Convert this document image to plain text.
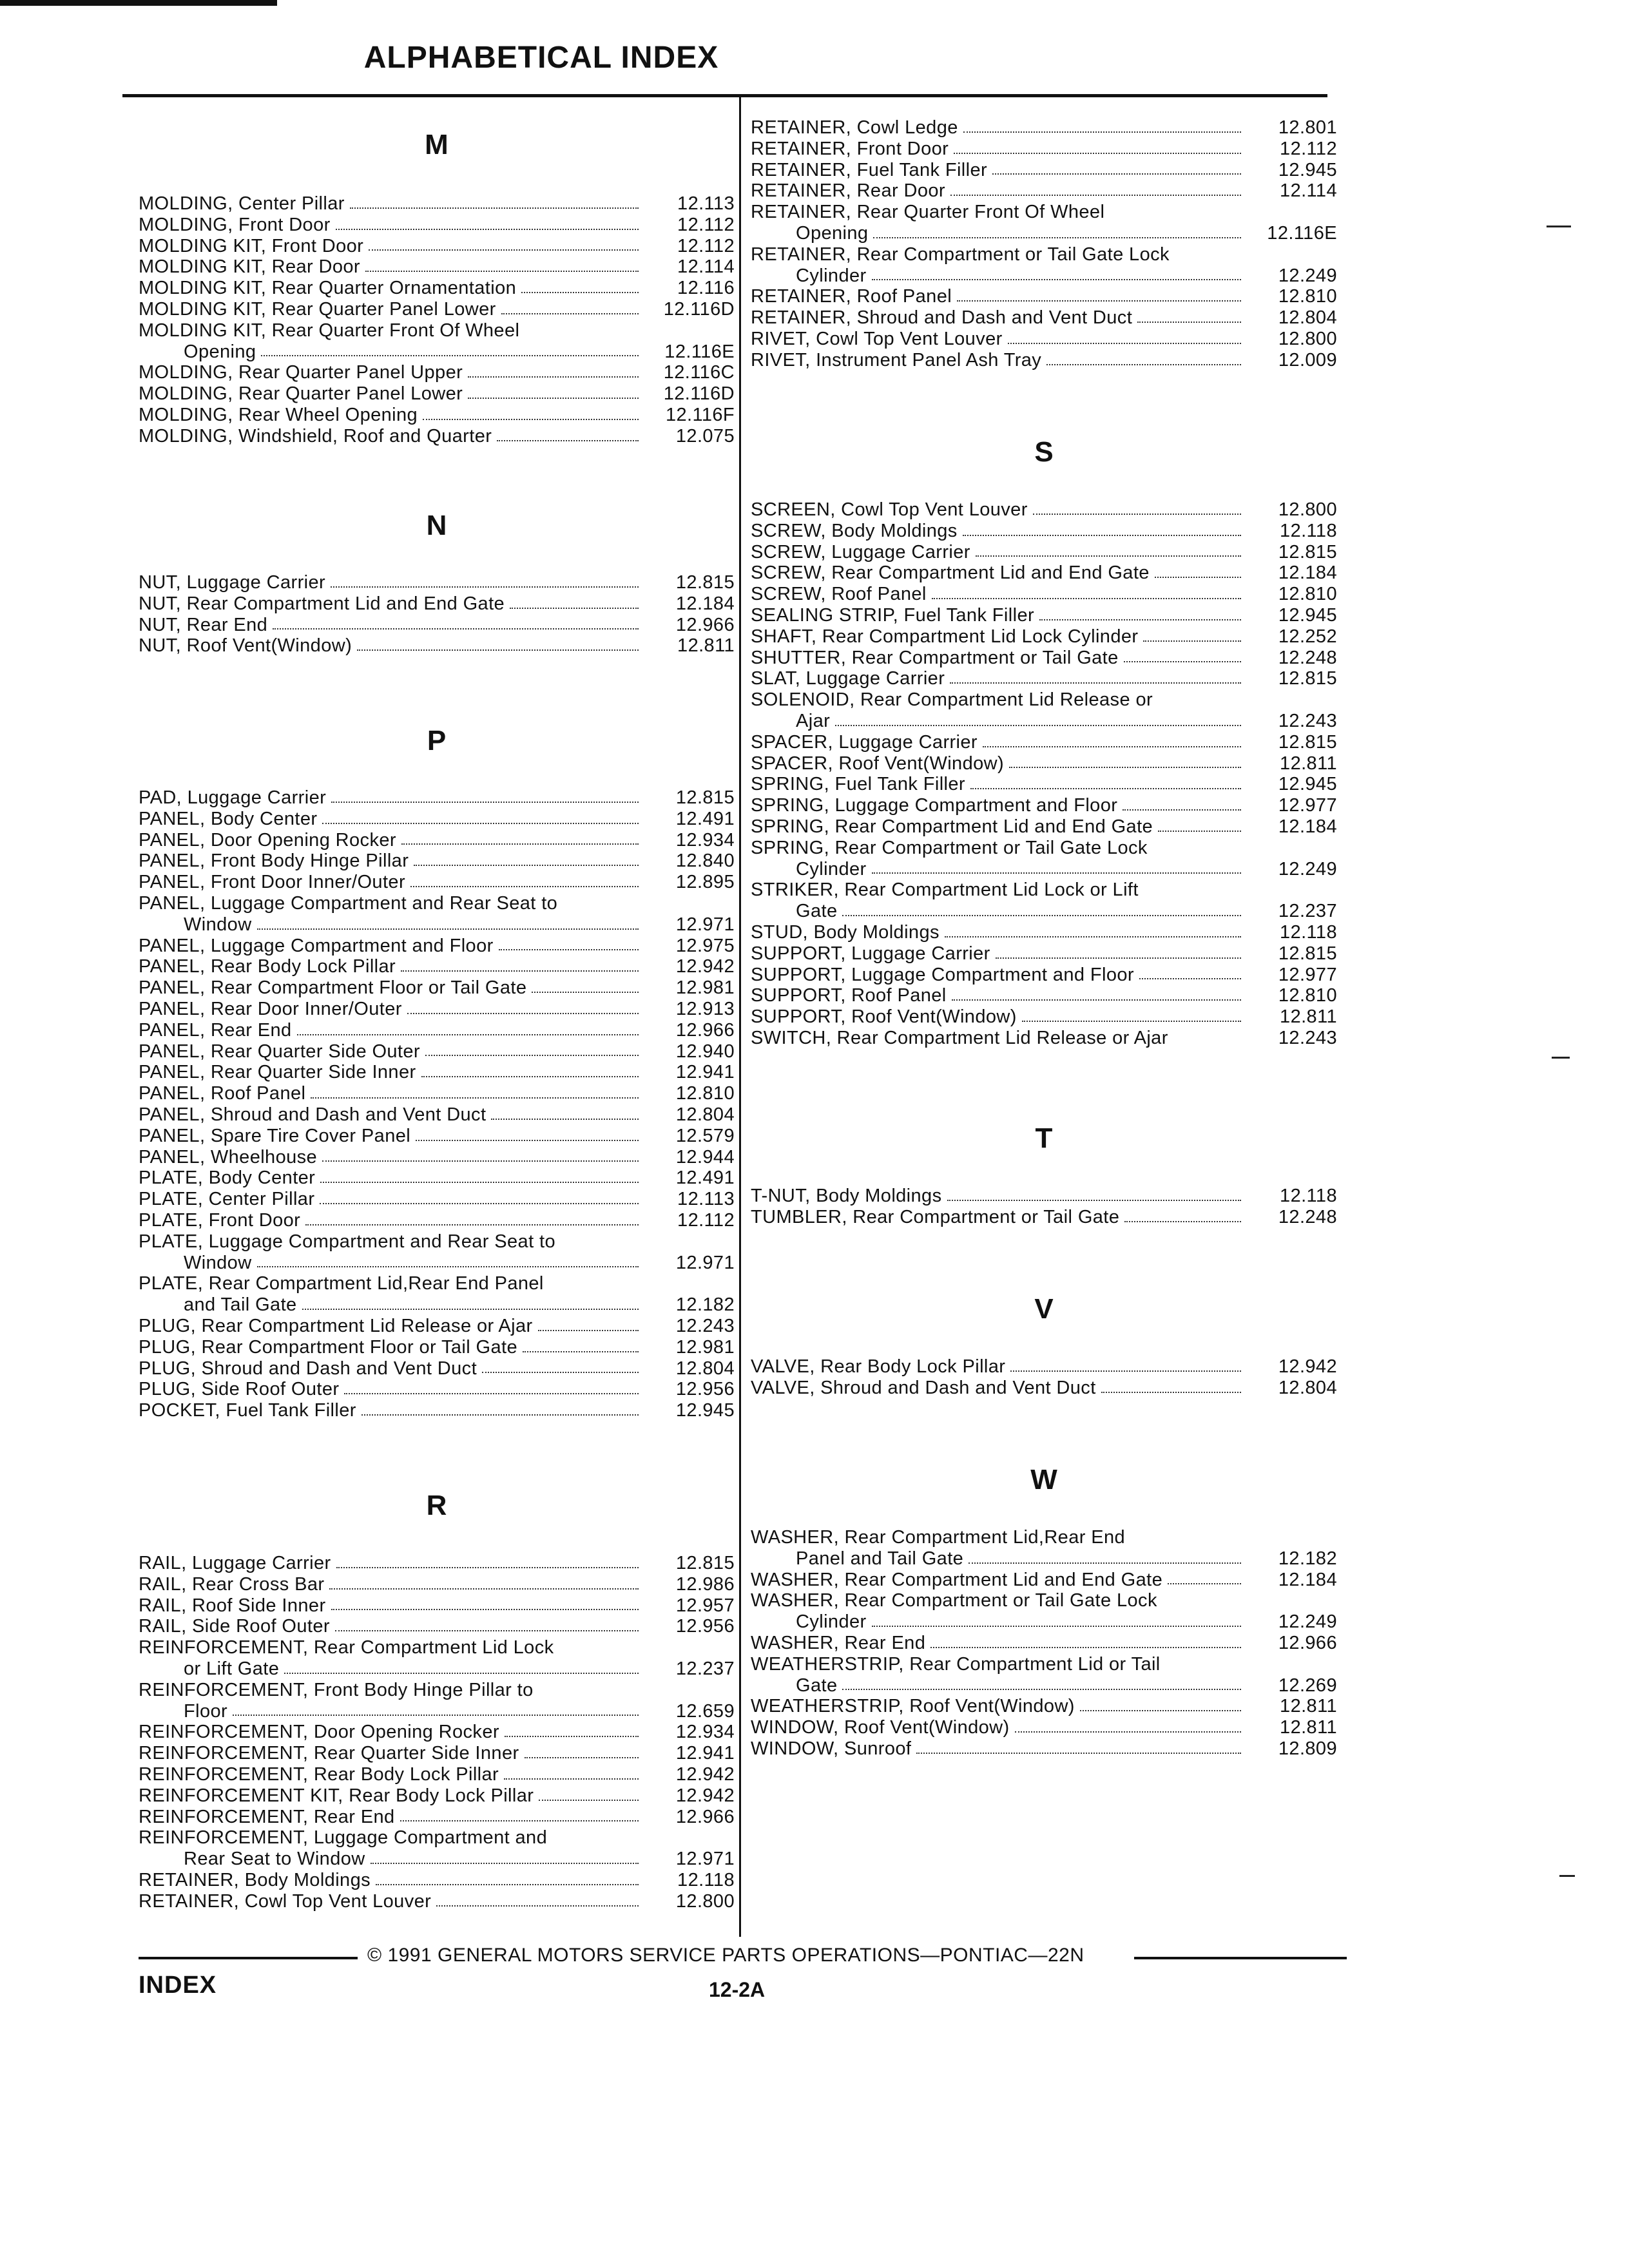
ALPHABETICAL INDEX
M
MOLDING, Center Pillar	12.113
MOLDING, Front Door	12.112
MOLDING KIT, Front Door	12.112
MOLDING KIT, Rear Door	12.114
MOLDING KIT, Rear Quarter Ornamentation	12.116
MOLDING KIT, Rear Quarter Panel Lower	12.116D
MOLDING KIT, Rear Quarter Front Of Wheel
Opening	12.116E
MOLDING, Rear Quarter Panel Upper	12.116C
MOLDING, Rear Quarter Panel Lower	12.116D
MOLDING, Rear Wheel Opening	12.116F
MOLDING, Windshield, Roof and Quarter	12.075
N
NUT, Luggage Carrier	12.815
NUT, Rear Compartment Lid and End Gate	12.184
NUT, Rear End	12.966
NUT, Roof Vent(Window)	12.811
P
PAD, Luggage Carrier	12.815
PANEL, Body Center	12.491
PANEL, Door Opening Rocker	12.934
PANEL, Front Body Hinge Pillar	12.840
PANEL, Front Door Inner/Outer	12.895
PANEL, Luggage Compartment and Rear Seat to
Window	12.971
PANEL, Luggage Compartment and Floor	12.975
PANEL, Rear Body Lock Pillar	12.942
PANEL, Rear Compartment Floor or Tail Gate	12.981
PANEL, Rear Door Inner/Outer	12.913
PANEL, Rear End	12.966
PANEL, Rear Quarter Side Outer	12.940
PANEL, Rear Quarter Side Inner	12.941
PANEL, Roof Panel	12.810
PANEL, Shroud and Dash and Vent Duct	12.804
PANEL, Spare Tire Cover Panel	12.579
PANEL, Wheelhouse	12.944
PLATE, Body Center	12.491
PLATE, Center Pillar	12.113
PLATE, Front Door	12.112
PLATE, Luggage Compartment and Rear Seat to
Window	12.971
PLATE, Rear Compartment Lid,Rear End Panel
and Tail Gate	12.182
PLUG, Rear Compartment Lid Release or Ajar	12.243
PLUG, Rear Compartment Floor or Tail Gate	12.981
PLUG, Shroud and Dash and Vent Duct	12.804
PLUG, Side Roof Outer	12.956
POCKET, Fuel Tank Filler	12.945
R
RAIL, Luggage Carrier	12.815
RAIL, Rear Cross Bar	12.986
RAIL, Roof Side Inner	12.957
RAIL, Side Roof Outer	12.956
REINFORCEMENT, Rear Compartment Lid Lock
or Lift Gate	12.237
REINFORCEMENT, Front Body Hinge Pillar to
Floor	12.659
REINFORCEMENT, Door Opening Rocker	12.934
REINFORCEMENT, Rear Quarter Side Inner	12.941
REINFORCEMENT, Rear Body Lock Pillar	12.942
REINFORCEMENT KIT, Rear Body Lock Pillar	12.942
REINFORCEMENT, Rear End	12.966
REINFORCEMENT, Luggage Compartment and
Rear Seat to Window	12.971
RETAINER, Body Moldings	12.118
RETAINER, Cowl Top Vent Louver	12.800
RETAINER, Cowl Ledge	12.801
RETAINER, Front Door	12.112
RETAINER, Fuel Tank Filler	12.945
RETAINER, Rear Door	12.114
RETAINER, Rear Quarter Front Of Wheel
Opening	12.116E
RETAINER, Rear Compartment or Tail Gate Lock
Cylinder	12.249
RETAINER, Roof Panel	12.810
RETAINER, Shroud and Dash and Vent Duct	12.804
RIVET, Cowl Top Vent Louver	12.800
RIVET, Instrument Panel Ash Tray	12.009
S
SCREEN, Cowl Top Vent Louver	12.800
SCREW, Body Moldings	12.118
SCREW, Luggage Carrier	12.815
SCREW, Rear Compartment Lid and End Gate	12.184
SCREW, Roof Panel	12.810
SEALING STRIP, Fuel Tank Filler	12.945
SHAFT, Rear Compartment Lid Lock Cylinder	12.252
SHUTTER, Rear Compartment or Tail Gate	12.248
SLAT, Luggage Carrier	12.815
SOLENOID, Rear Compartment Lid Release or
Ajar	12.243
SPACER, Luggage Carrier	12.815
SPACER, Roof Vent(Window)	12.811
SPRING, Fuel Tank Filler	12.945
SPRING, Luggage Compartment and Floor	12.977
SPRING, Rear Compartment Lid and End Gate	12.184
SPRING, Rear Compartment or Tail Gate Lock
Cylinder	12.249
STRIKER, Rear Compartment Lid Lock or Lift
Gate	12.237
STUD, Body Moldings	12.118
SUPPORT, Luggage Carrier	12.815
SUPPORT, Luggage Compartment and Floor	12.977
SUPPORT, Roof Panel	12.810
SUPPORT, Roof Vent(Window)	12.811
SWITCH, Rear Compartment Lid Release or Ajar	12.243
T
T-NUT, Body Moldings	12.118
TUMBLER, Rear Compartment or Tail Gate	12.248
V
VALVE, Rear Body Lock Pillar	12.942
VALVE, Shroud and Dash and Vent Duct	12.804
W
WASHER, Rear Compartment Lid,Rear End
Panel and Tail Gate	12.182
WASHER, Rear Compartment Lid and End Gate	12.184
WASHER, Rear Compartment or Tail Gate Lock
Cylinder	12.249
WASHER, Rear End	12.966
WEATHERSTRIP, Rear Compartment Lid or Tail
Gate	12.269
WEATHERSTRIP, Roof Vent(Window)	12.811
WINDOW, Roof Vent(Window)	12.811
WINDOW, Sunroof	12.809
© 1991 GENERAL MOTORS SERVICE PARTS OPERATIONS—PONTIAC—22N
INDEX	12-2A
